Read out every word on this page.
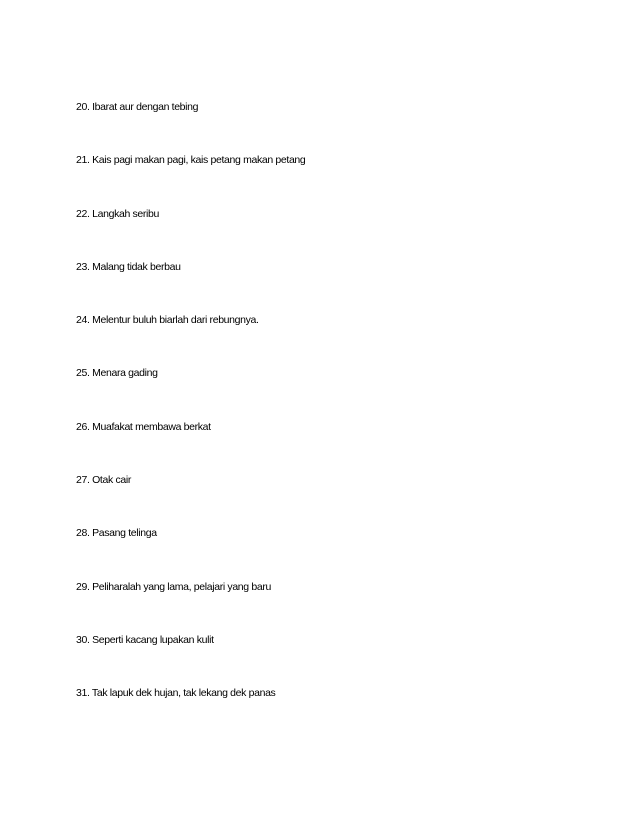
20. Ibarat aur dengan tebing
21. Kais pagi makan pagi, kais petang makan petang
22. Langkah seribu
23. Malang tidak berbau
24. Melentur buluh biarlah dari rebungnya.
25. Menara gading
26. Muafakat membawa berkat
27. Otak cair
28. Pasang telinga
29. Peliharalah yang lama, pelajari yang baru
30. Seperti kacang lupakan kulit
31. Tak lapuk dek hujan, tak lekang dek panas
